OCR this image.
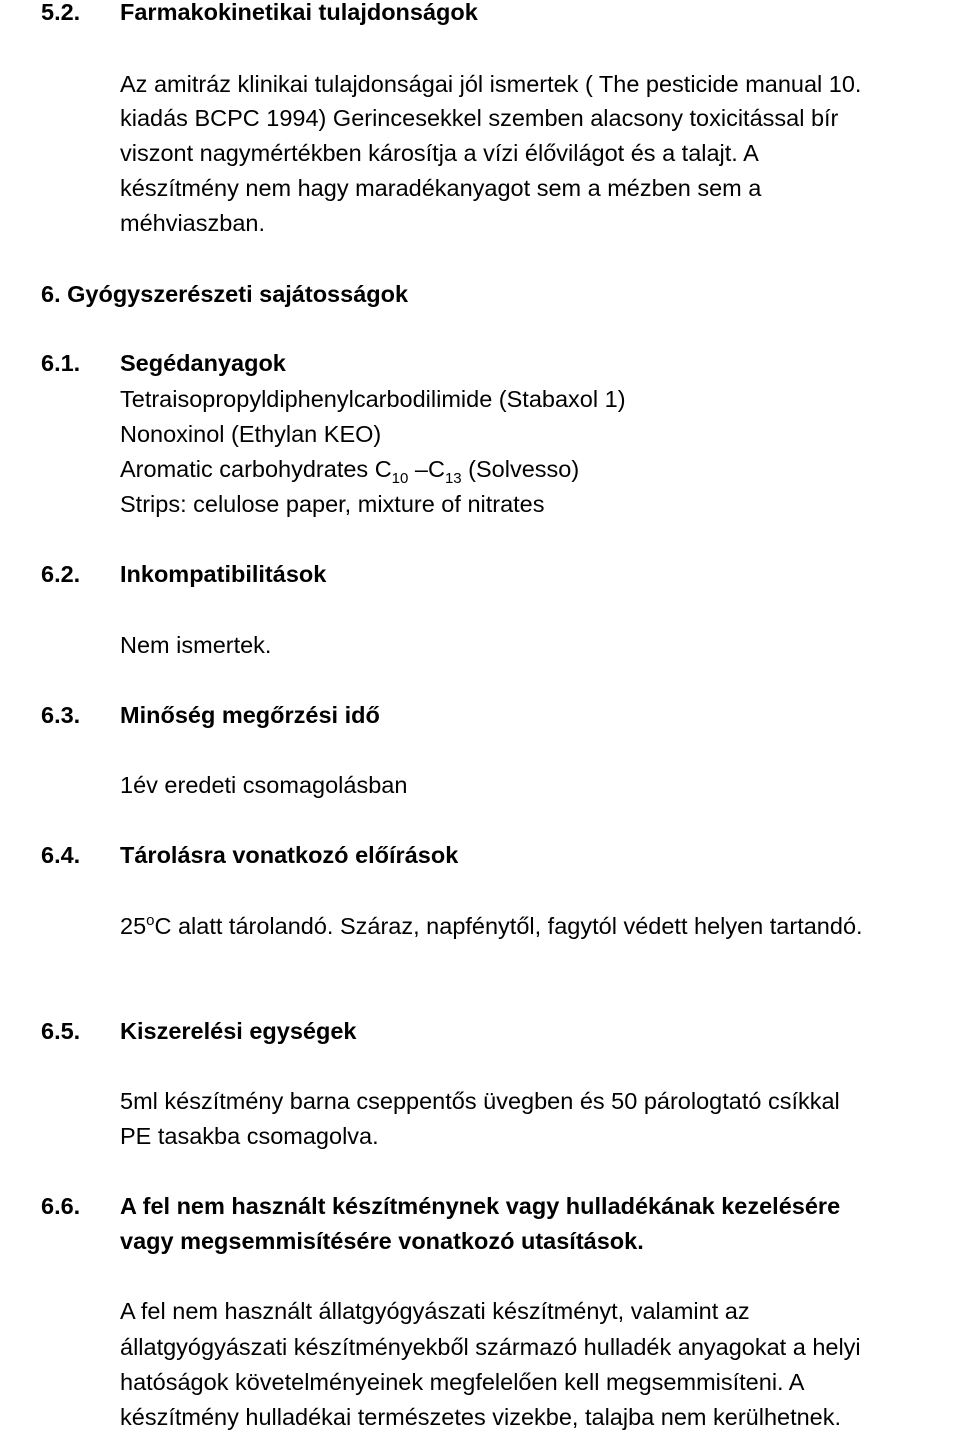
5.2. Farmakokinetikai tulajdonságok
Az amitráz klinikai tulajdonságai jól ismertek ( The pesticide manual 10.
kiadás BCPC 1994) Gerincesekkel szemben alacsony toxicitással bír
viszont nagymértékben károsítja a vízi élővilágot és a talajt. A
készítmény nem hagy maradékanyagot sem a mézben sem a
méhviaszban.
6. Gyógyszerészeti sajátosságok
6.1. Segédanyagok
Tetraisopropyldiphenylcarbodilimide (Stabaxol 1)
Nonoxinol (Ethylan KEO)
Aromatic carbohydrates $C_{10}$ $-C_{13}$ (Solvesso)
Strips: celulose paper, mixture of nitrates
6.2. Inkompatibilitások
Nem ismertek.
6.3. Minőség megőrzési idő
1év eredeti csomagolásban
6.4. Tárolásra vonatkozó előírások
25$^o$C alatt tárolandó. Száraz, napfénytől, fagytól védett helyen tartandó.
6.5. Kiszerelési egységek
5ml készítmény barna cseppentős üvegben és 50 párologtató csíkkal
PE tasakba csomagolva.
6.6. A fel nem használt készítménynek vagy hulladékának kezelésére
vagy megsemmisítésére vonatkozó utasítások.
A fel nem használt állatgyógyászati készítményt, valamint az
állatgyógyászati készítményekből származó hulladék anyagokat a helyi
hatóságok követelményeinek megfelelően kell megsemmisíteni. A
készítmény hulladékai természetes vizekbe, talajba nem kerülhetnek.
